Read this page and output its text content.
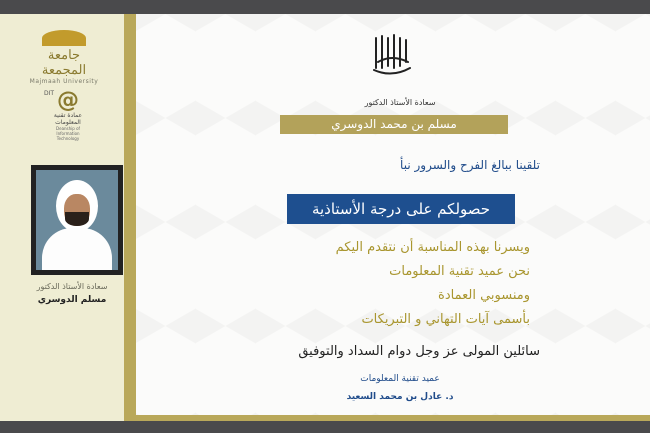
جامعة المجمعة
Majmaah University
DIT @
عمادة تقنية المعلومات
Deanship of Information Technology
سعادة الأستاذ الدكتور
مسلم الدوسري
سعادة الأستاذ الدكتور
مسلم بن محمد الدوسري
تلقينا ببالغ الفرح والسرور نبأ
حصولكم على درجة الأستاذية
ويسرنا بهذه المناسبة أن نتقدم اليكم
نحن عميد تقنية المعلومات
ومنسوبي العمادة
بأسمى آيات التهاني و التبريكات
سائلين المولى عز وجل دوام السداد والتوفيق
عميد تقنية المعلومات
د. عادل بن محمد السعيد
